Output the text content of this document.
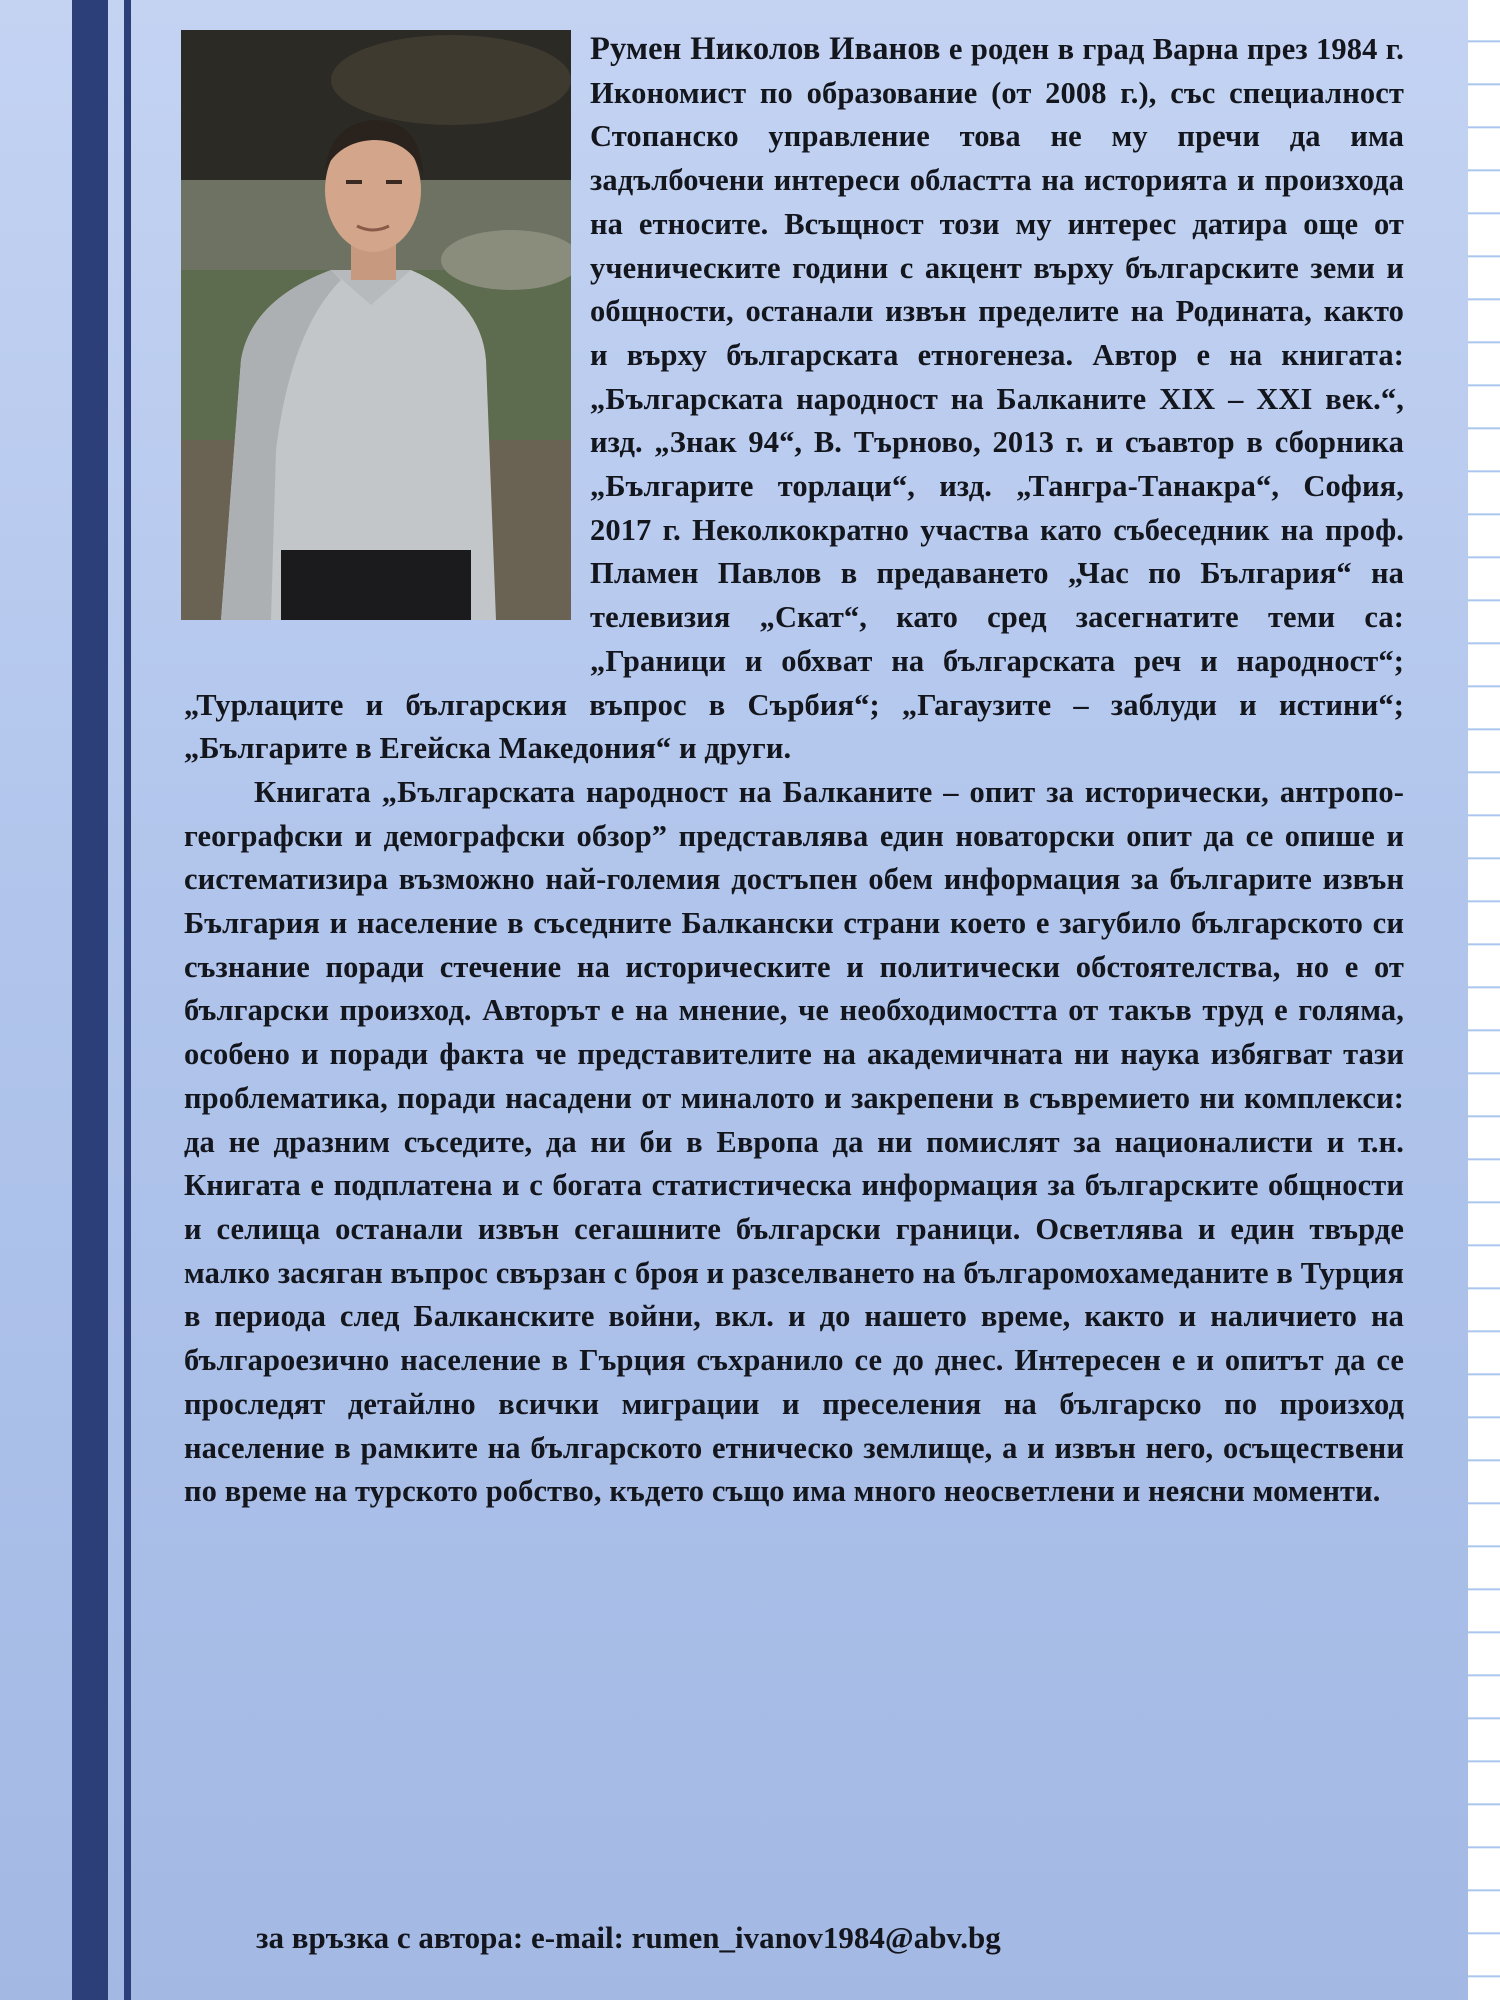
Румен Николов Иванов е роден в град Варна през 1984 г. Икономист по образование (от 2008 г.), със специалност Стопанско управление това не му пречи да има задълбочени интереси областта на историята и произхода на етносите. Всъщност този му интерес датира още от ученическите години с акцент върху българските земи и общности, останали извън пределите на Родината, както и върху българската етногенеза. Автор е на книгата: „Българската народност на Балканите XIX – XXI век.“, изд. „Знак 94“, В. Търново, 2013 г. и съавтор в сборника „Българите торлаци“, изд. „Тангра-Танакра“, София, 2017 г. Неколкократно участва като събеседник на проф. Пламен Павлов в предаването „Час по България“ на телевизия „Скат“, като сред засегнатите теми са: „Граници и обхват на българската реч и народност“; „Турлаците и българския въпрос в Сърбия“; „Гагаузите – заблуди и истини“; „Българите в Егейска Македония“ и други.

Книгата „Българската народност на Балканите – опит за исторически, антропо-географски и демографски обзор” представлява един новаторски опит да се опише и систематизира възможно най-големия достъпен обем информация за българите извън България и население в съседните Балкански страни което е загубило българското си съзнание поради стечение на историческите и политически обстоятелства, но е от български произход. Авторът е на мнение, че необходимостта от такъв труд е голяма, особено и поради факта че представителите на академичната ни наука избягват тази проблематика, поради насадени от миналото и закрепени в съвремието ни комплекси: да не дразним съседите, да ни би в Европа да ни помислят за националисти и т.н. Книгата е подплатена и с богата статистическа информация за българските общности и селища останали извън сегашните български граници. Осветлява и един твърде малко засяган въпрос свързан с броя и разселването на българомохамеданите в Турция в периода след Балканските войни, вкл. и до нашето време, както и наличието на българоезично население в Гърция съхранило се до днес. Интересен е и опитът да се проследят детайлно всички миграции и преселения на българско по произход население в рамките на българското етническо землище, а и извън него, осъществени по време на турското робство, където също има много неосветлени и неясни моменти.

за връзка с автора: e-mail: rumen_ivanov1984@abv.bg
